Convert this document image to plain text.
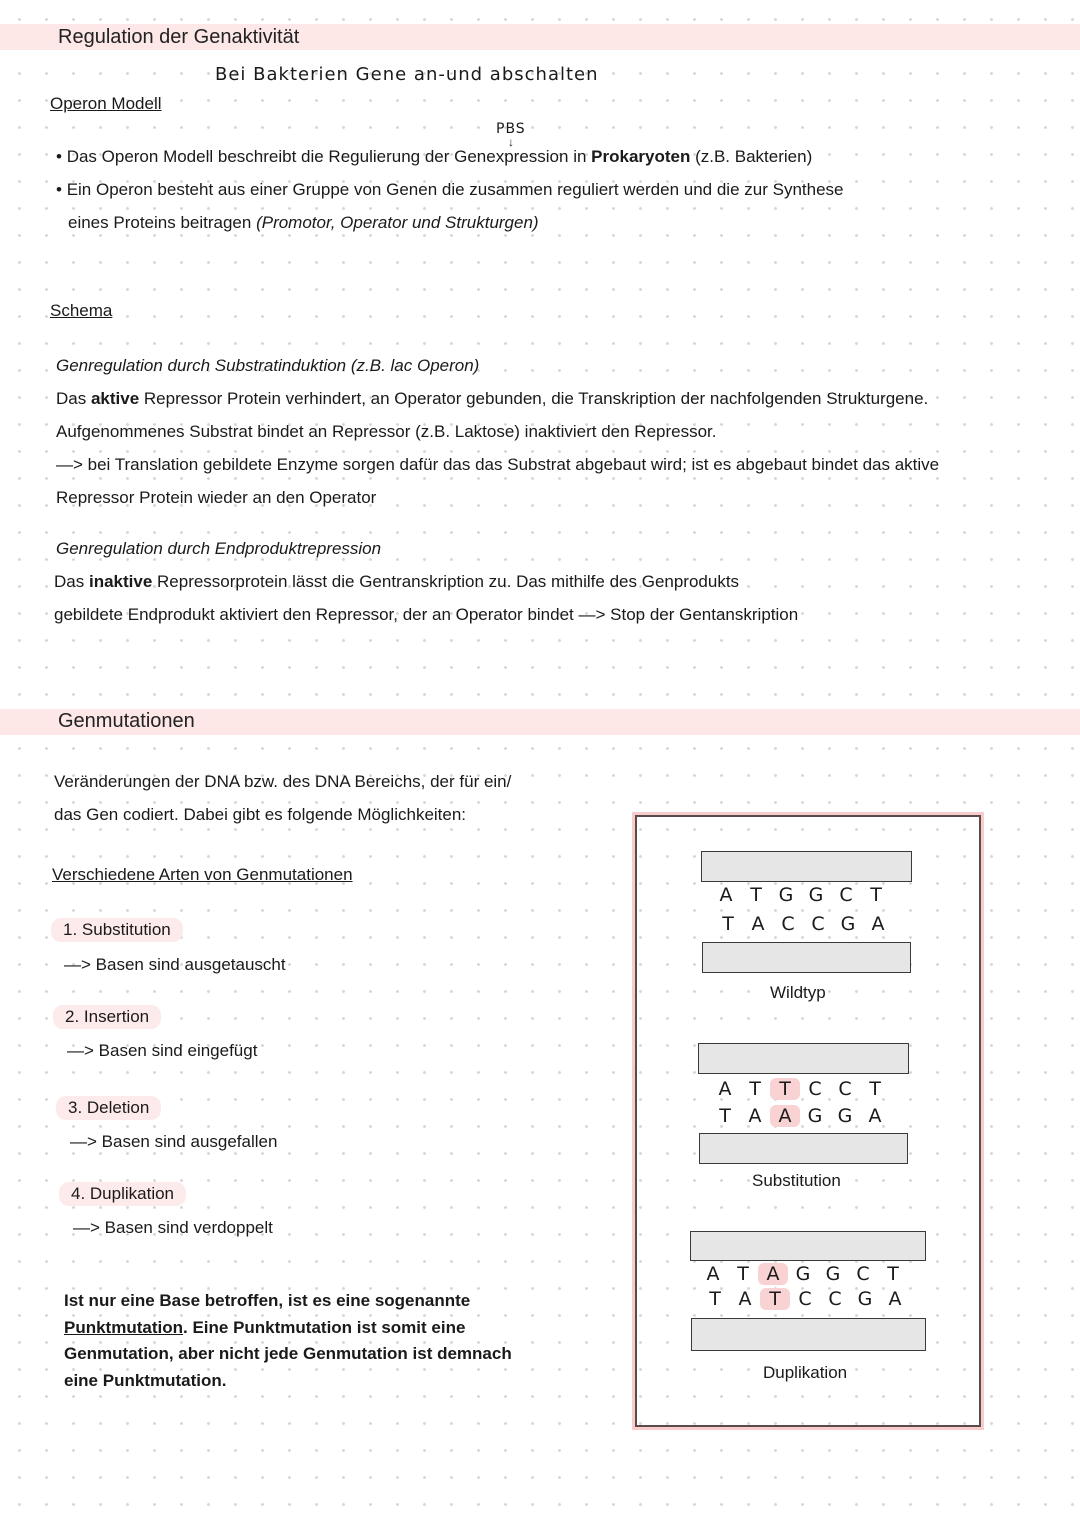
Regulation der Genaktivität
Bei Bakterien Gene an-und abschalten
Operon Modell
PBS
↓
• Das Operon Modell beschreibt die Regulierung der Genexpression in Prokaryoten (z.B. Bakterien)
• Ein Operon besteht aus einer Gruppe von Genen die zusammen reguliert werden und die zur Synthese
eines Proteins beitragen (Promotor, Operator und Strukturgen)
Schema
Genregulation durch Substratinduktion (z.B. lac Operon)
Das aktive Repressor Protein verhindert, an Operator gebunden, die Transkription der nachfolgenden Strukturgene.
Aufgenommenes Substrat bindet an Repressor (z.B. Laktose) inaktiviert den Repressor.
—> bei Translation gebildete Enzyme sorgen dafür das das Substrat abgebaut wird; ist es abgebaut bindet das aktive
Repressor Protein wieder an den Operator
Genregulation durch Endproduktrepression
Das inaktive Repressorprotein lässt die Gentranskription zu. Das mithilfe des Genprodukts
gebildete Endprodukt aktiviert den Repressor, der an Operator bindet —> Stop der Gentanskription
Genmutationen
Veränderungen der DNA bzw. des DNA Bereichs, der für ein/
das Gen codiert. Dabei gibt es folgende Möglichkeiten:
Verschiedene Arten von Genmutationen
1. Substitution
—> Basen sind ausgetauscht
2. Insertion
—> Basen sind eingefügt
3. Deletion
—> Basen sind ausgefallen
4. Duplikation
—> Basen sind verdoppelt
Ist nur eine Base betroffen, ist es eine sogenannte
Punktmutation. Eine Punktmutation ist somit eine
Genmutation, aber nicht jede Genmutation ist demnach
eine Punktmutation.
A T G G C T
T A C C G A
Wildtyp
A T T C C T
T A A G G A
Substitution
A T A G G C T
T A T C C G A
Duplikation
